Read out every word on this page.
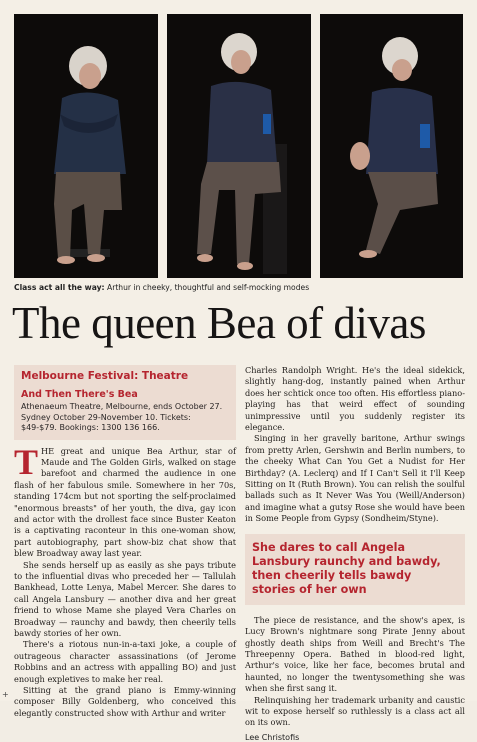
Class act all the way: Arthur in cheeky, thoughtful and self-mocking modes
The queen Bea of divas
Melbourne Festival: Theatre
And Then There's Bea
Athenaeum Theatre, Melbourne, ends October 27. Sydney October 29-November 10. Tickets: $49-$79. Bookings: 1300 136 166.

THE great and unique Bea Arthur, star of Maude and The Golden Girls, walked on stage barefoot and charmed the audience in one flash of her fabulous smile. Somewhere in her 70s, standing 174cm but not sporting the self-proclaimed "enormous breasts" of her youth, the diva, gay icon and actor with the drollest face since Buster Keaton is a captivating raconteur in this one-woman show, part autobiography, part show-biz chat show that blew Broadway away last year.

She sends herself up as easily as she pays tribute to the influential divas who preceded her — Tallulah Bankhead, Lotte Lenya, Mabel Mercer. She dares to call Angela Lansbury — another diva and her great friend to whose Mame she played Vera Charles on Broadway — raunchy and bawdy, then cheerily tells bawdy stories of her own.

There's a riotous nun-in-a-taxi joke, a couple of outrageous character assassinations (of Jerome Robbins and an actress with appalling BO) and just enough expletives to make her real.

Sitting at the grand piano is Emmy-winning composer Billy Goldenberg, who conceived this elegantly constructed show with Arthur and writer

Charles Randolph Wright. He's the ideal sidekick, slightly hang-dog, instantly pained when Arthur does her schtick once too often. His effortless piano-playing has that weird effect of sounding unimpressive until you suddenly register its elegance.

Singing in her gravelly baritone, Arthur swings from pretty Arlen, Gershwin and Berlin numbers, to the cheeky What Can You Get a Nudist for Her Birthday? (A. Leclerq) and If I Can't Sell it I'll Keep Sitting on It (Ruth Brown). You can relish the soulful ballads such as It Never Was You (Weill/Anderson) and imagine what a gutsy Rose she would have been in Some People from Gypsy (Sondheim/Styne).

She dares to call Angela Lansbury raunchy and bawdy, then cheerily tells bawdy stories of her own

The piece de resistance, and the show's apex, is Lucy Brown's nightmare song Pirate Jenny about ghostly death ships from Weill and Brecht's The Threepenny Opera. Bathed in blood-red light, Arthur's voice, like her face, becomes brutal and haunted, no longer the twentysomething she was when she first sang it.

Relinquishing her trademark urbanity and caustic wit to expose herself so ruthlessly is a class act all on its own.

Lee Christofis
+
